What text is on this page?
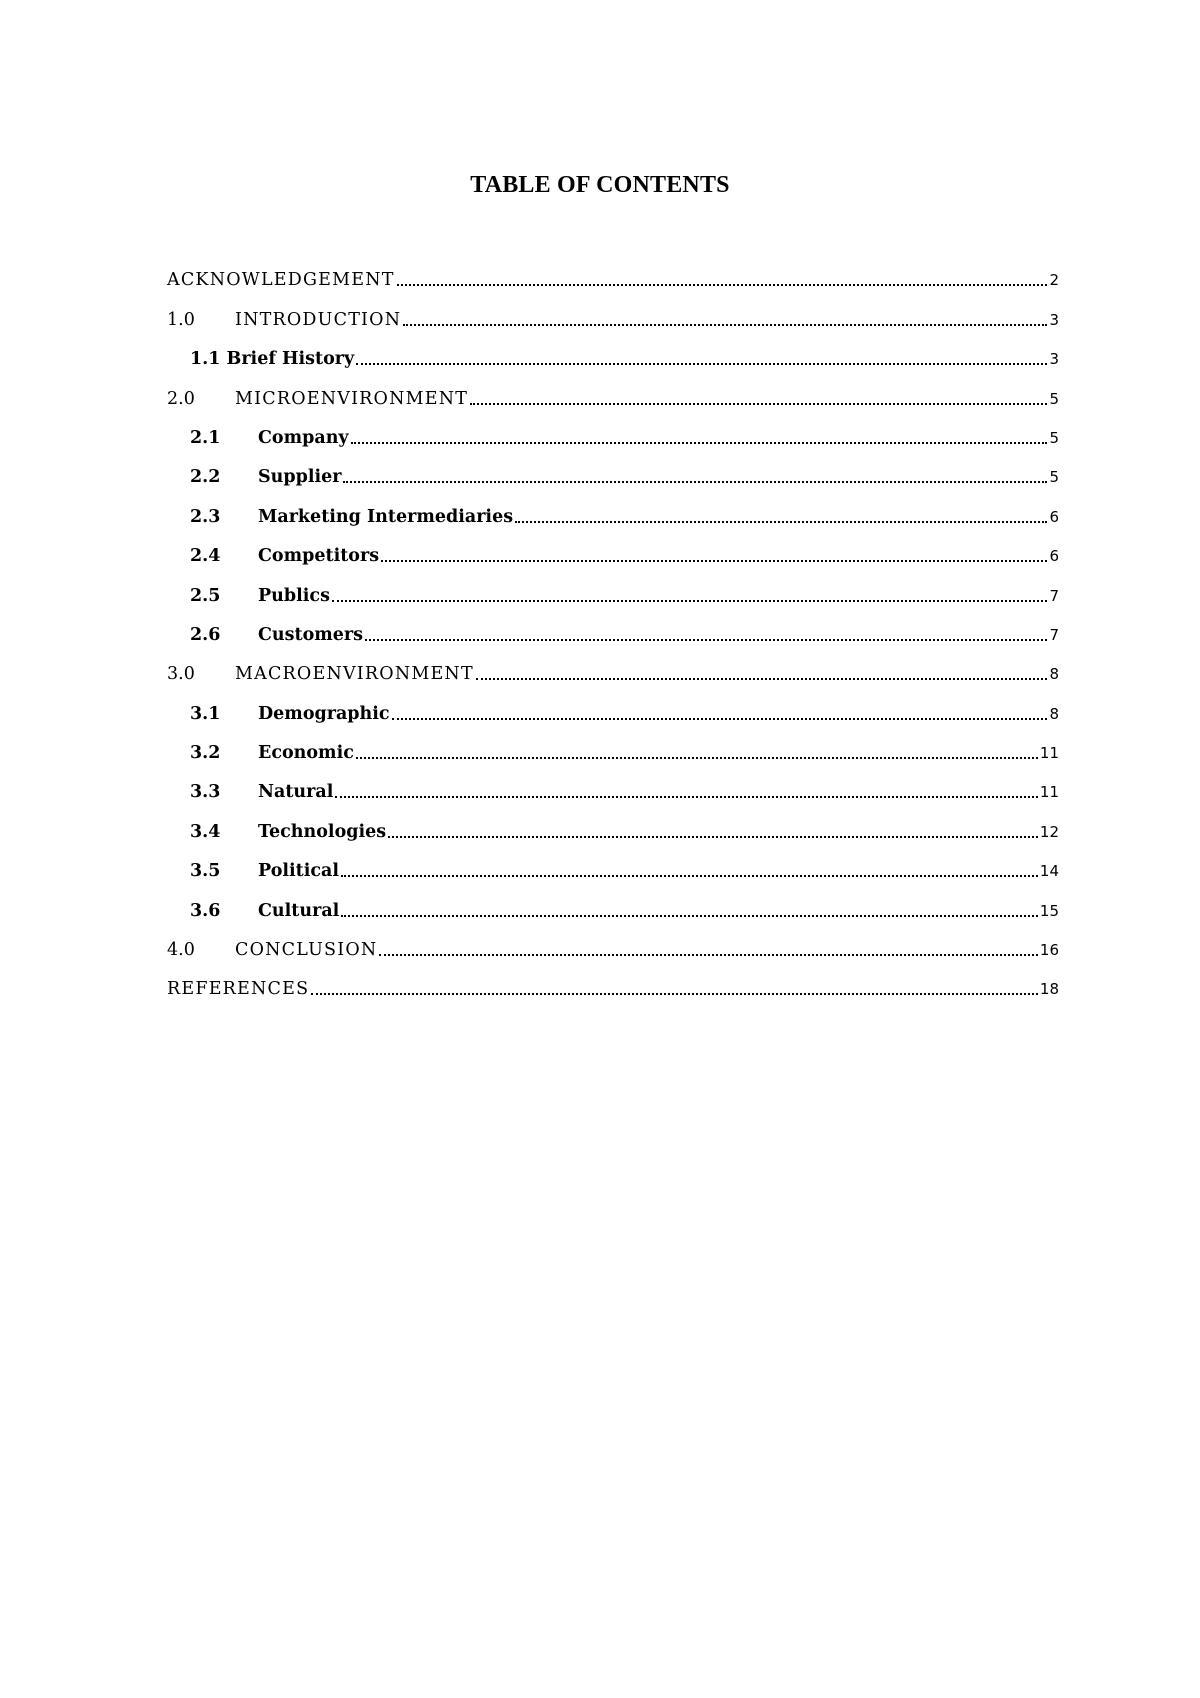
TABLE OF CONTENTS
ACKNOWLEDGEMENT	2
1.0	INTRODUCTION	3
1.1 Brief History	3
2.0	MICROENVIRONMENT	5
2.1	Company	5
2.2	Supplier	5
2.3	Marketing Intermediaries	6
2.4	Competitors	6
2.5	Publics	7
2.6	Customers	7
3.0	MACROENVIRONMENT	8
3.1	Demographic	8
3.2	Economic	11
3.3	Natural	11
3.4	Technologies	12
3.5	Political	14
3.6	Cultural	15
4.0	CONCLUSION	16
REFERENCES	18
